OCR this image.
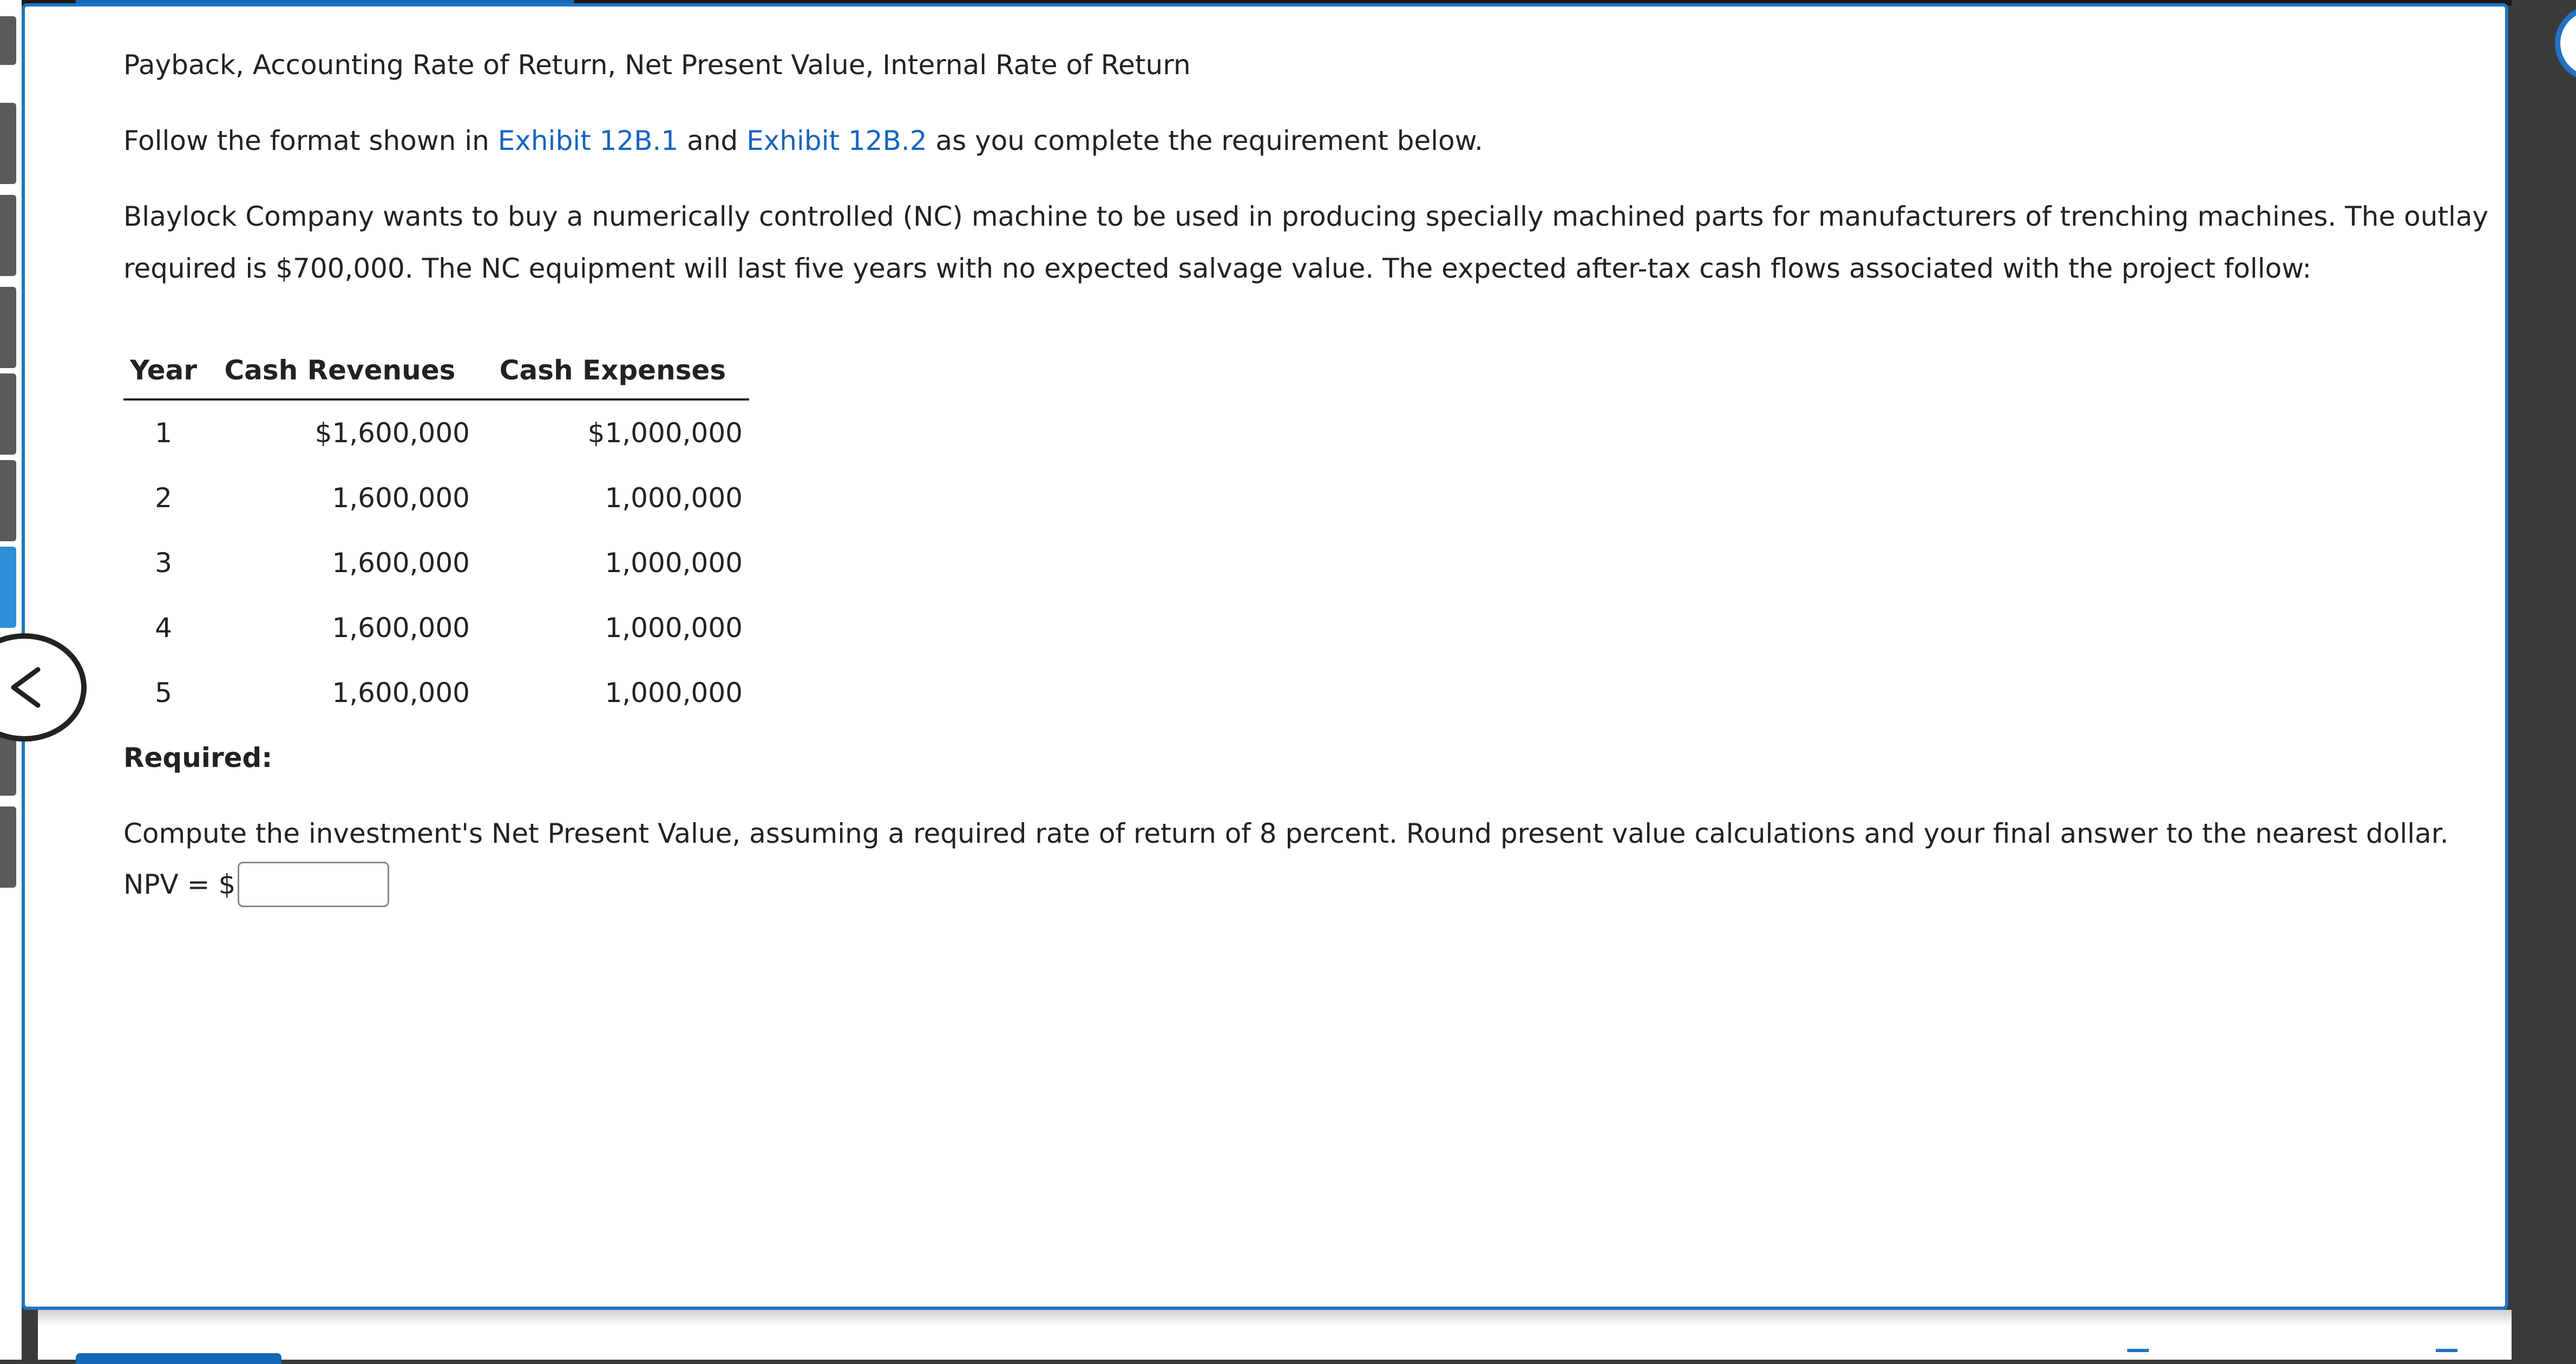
Payback, Accounting Rate of Return, Net Present Value, Internal Rate of Return
Follow the format shown in Exhibit 12B.1 and Exhibit 12B.2 as you complete the requirement below.
Blaylock Company wants to buy a numerically controlled (NC) machine to be used in producing specially machined parts for manufacturers of trenching machines. The outlay required is $700,000. The NC equipment will last five years with no expected salvage value. The expected after-tax cash flows associated with the project follow:
Year	Cash Revenues	Cash Expenses
1	$1,600,000	$1,000,000
2	1,600,000	1,000,000
3	1,600,000	1,000,000
4	1,600,000	1,000,000
5	1,600,000	1,000,000
Required:
Compute the investment's Net Present Value, assuming a required rate of return of 8 percent. Round present value calculations and your final answer to the nearest dollar.
NPV = $
